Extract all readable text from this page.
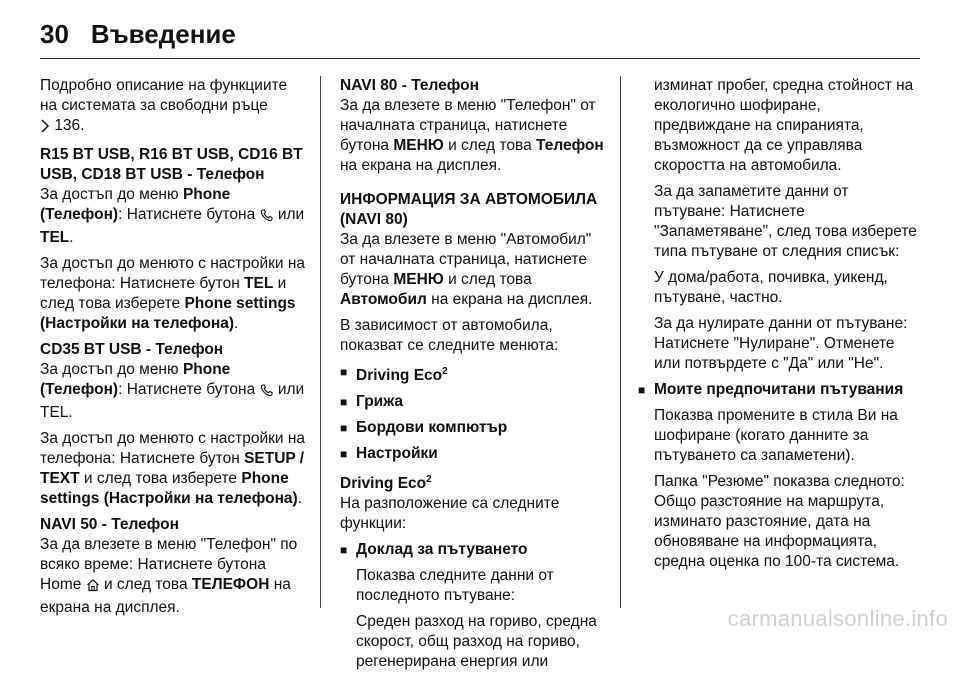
30 Въведение

Подробно описание на функциите на системата за свободни ръце
136.

R15 BT USB, R16 BT USB, CD16 BT USB, CD18 BT USB - Телефон

За достъп до меню Phone (Телефон): Натиснете бутона  или TEL.

За достъп до менюто с настройки на телефона: Натиснете бутон TEL и след това изберете Phone settings (Настройки на телефона).

CD35 BT USB - Телефон

За достъп до меню Phone (Телефон): Натиснете бутона  или TEL.

За достъп до менюто с настройки на телефона: Натиснете бутон SETUP / TEXT и след това изберете Phone settings (Настройки на телефона).

NAVI 50 - Телефон

За да влезете в меню "Телефон" по всяко време: Натиснете бутона Home  и след това ТЕЛЕФОН на екрана на дисплея.

NAVI 80 - Телефон

За да влезете в меню "Телефон" от началната страница, натиснете бутона МЕНЮ и след това Телефон на екрана на дисплея.

ИНФОРМАЦИЯ ЗА АВТОМОБИЛА (NAVI 80)

За да влезете в меню "Автомобил" от началната страница, натиснете бутона МЕНЮ и след това Автомобил на екрана на дисплея.

В зависимост от автомобила, показват се следните менюта:

■ Driving Eco$^2$
■ Грижа
■ Бордови компютър
■ Настройки
Driving Eco$^2$

На разположение са следните функции:

■ Доклад за пътуването

Показва следните данни от последното пътуване:

Среден разход на гориво, средна скорост, общ разход на гориво, регенерирана енергия или

изминат пробег, средна стойност на екологично шофиране, предвиждане на спиранията, възможност да се управлява скоростта на автомобила.

За да запаметите данни от пътуване: Натиснете "Запаметяване", след това изберете типа пътуване от следния списък:

У дома/работа, почивка, уикенд, пътуване, частно.

За да нулирате данни от пътуване: Натиснете "Нулиране". Отменете или потвърдете с "Да" или "Не".

■ Моите предпочитани пътувания

Показва промените в стила Ви на шофиране (когато данните за пътуването са запаметени).

Папка "Резюме" показва следното: Общо разстояние на маршрута, изминато разстояние, дата на обновяване на информацията, средна оценка по 100-та система.

carmanualsonline.info
